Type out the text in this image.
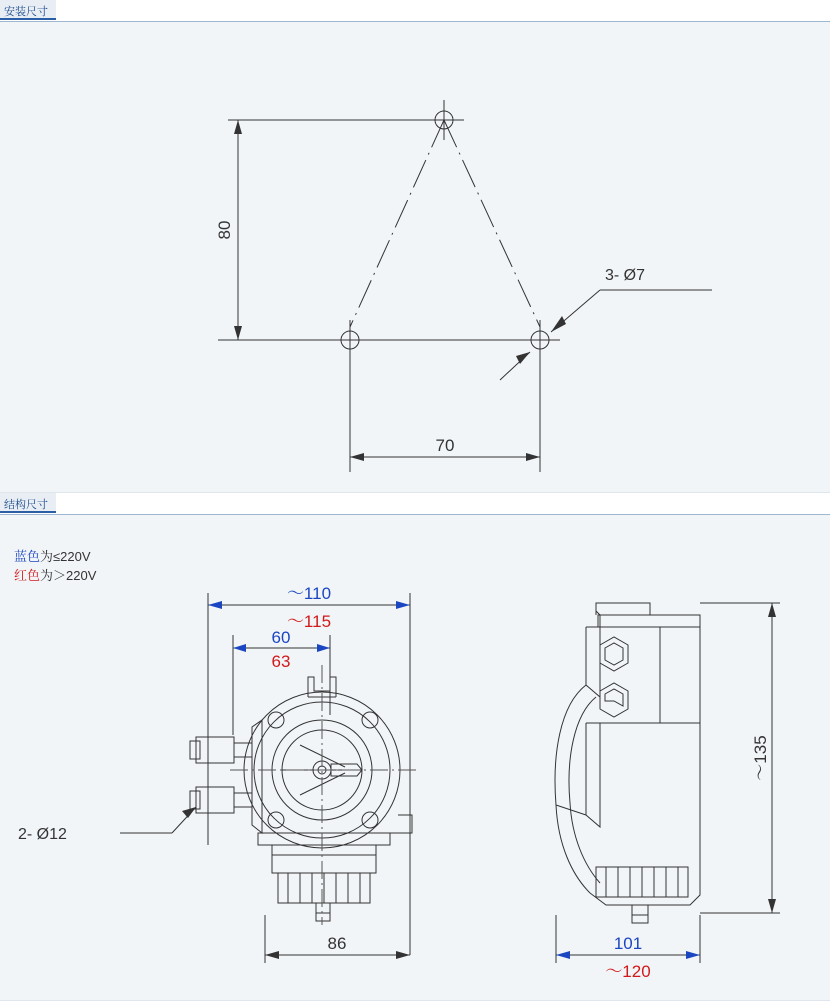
安装尺寸
80
70
3- Ø7
结构尺寸
蓝色为≤220V
红色为＞220V
～110
～115
60
63
86
2- Ø12
～135
101
～120
